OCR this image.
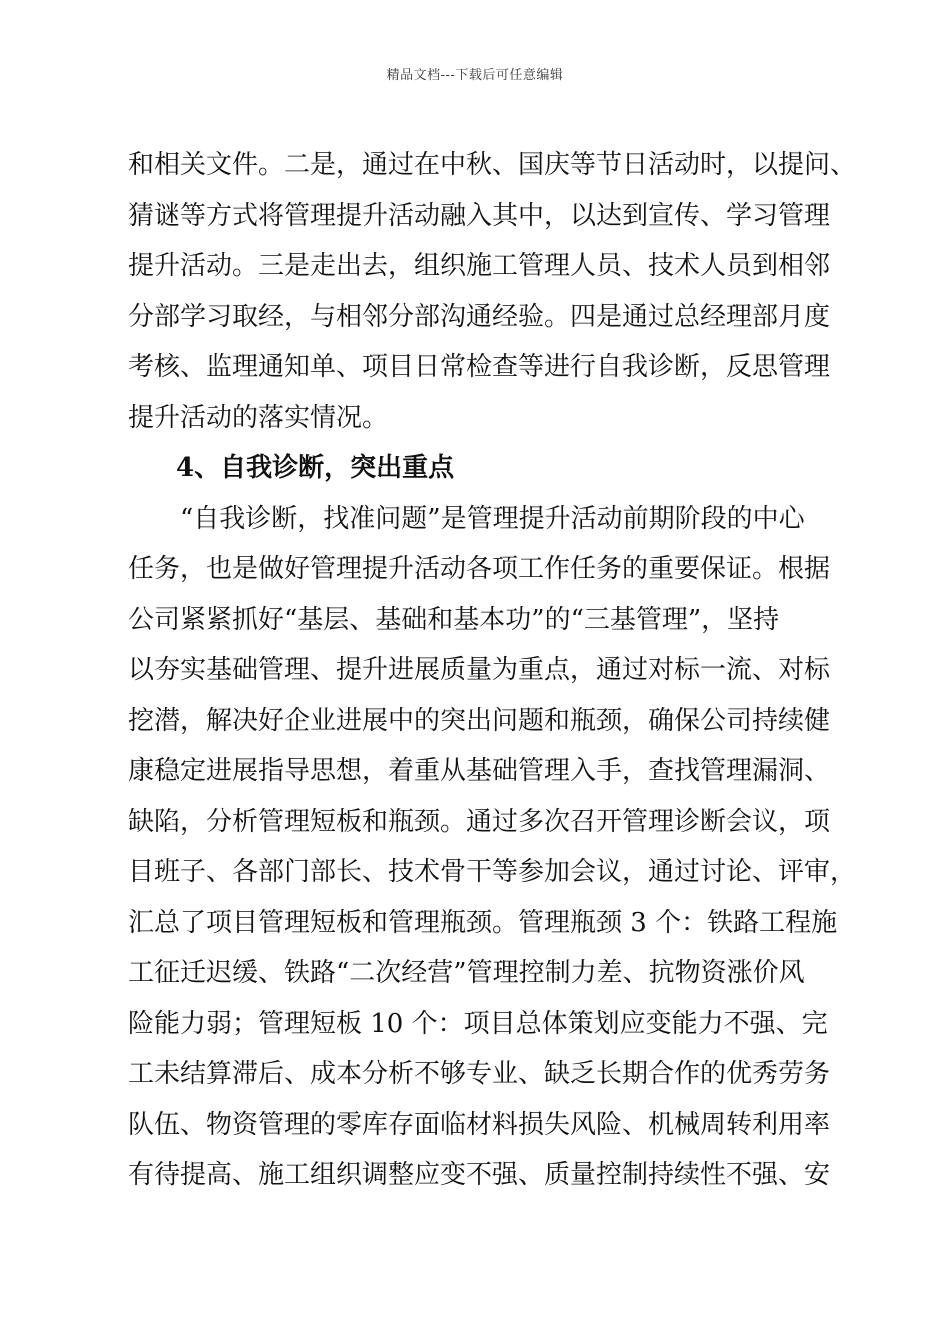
精品文档---下载后可任意编辑
和相关文件。二是，通过在中秋、国庆等节日活动时，以提问、
猜谜等方式将管理提升活动融入其中，以达到宣传、学习管理
提升活动。三是走出去，组织施工管理人员、技术人员到相邻
分部学习取经，与相邻分部沟通经验。四是通过总经理部月度
考核、监理通知单、项目日常检查等进行自我诊断，反思管理
提升活动的落实情况。
4、自我诊断，突出重点
“自我诊断，找准问题”是管理提升活动前期阶段的中心
任务，也是做好管理提升活动各项工作任务的重要保证。根据
公司紧紧抓好“基层、基础和基本功”的“三基管理”，坚持
以夯实基础管理、提升进展质量为重点，通过对标一流、对标
挖潜，解决好企业进展中的突出问题和瓶颈，确保公司持续健
康稳定进展指导思想，着重从基础管理入手，查找管理漏洞、
缺陷，分析管理短板和瓶颈。通过多次召开管理诊断会议，项
目班子、各部门部长、技术骨干等参加会议，通过讨论、评审，
汇总了项目管理短板和管理瓶颈。管理瓶颈 3 个：铁路工程施
工征迁迟缓、铁路“二次经营”管理控制力差、抗物资涨价风
险能力弱；管理短板 10 个：项目总体策划应变能力不强、完
工未结算滞后、成本分析不够专业、缺乏长期合作的优秀劳务
队伍、物资管理的零库存面临材料损失风险、机械周转利用率
有待提高、施工组织调整应变不强、质量控制持续性不强、安
